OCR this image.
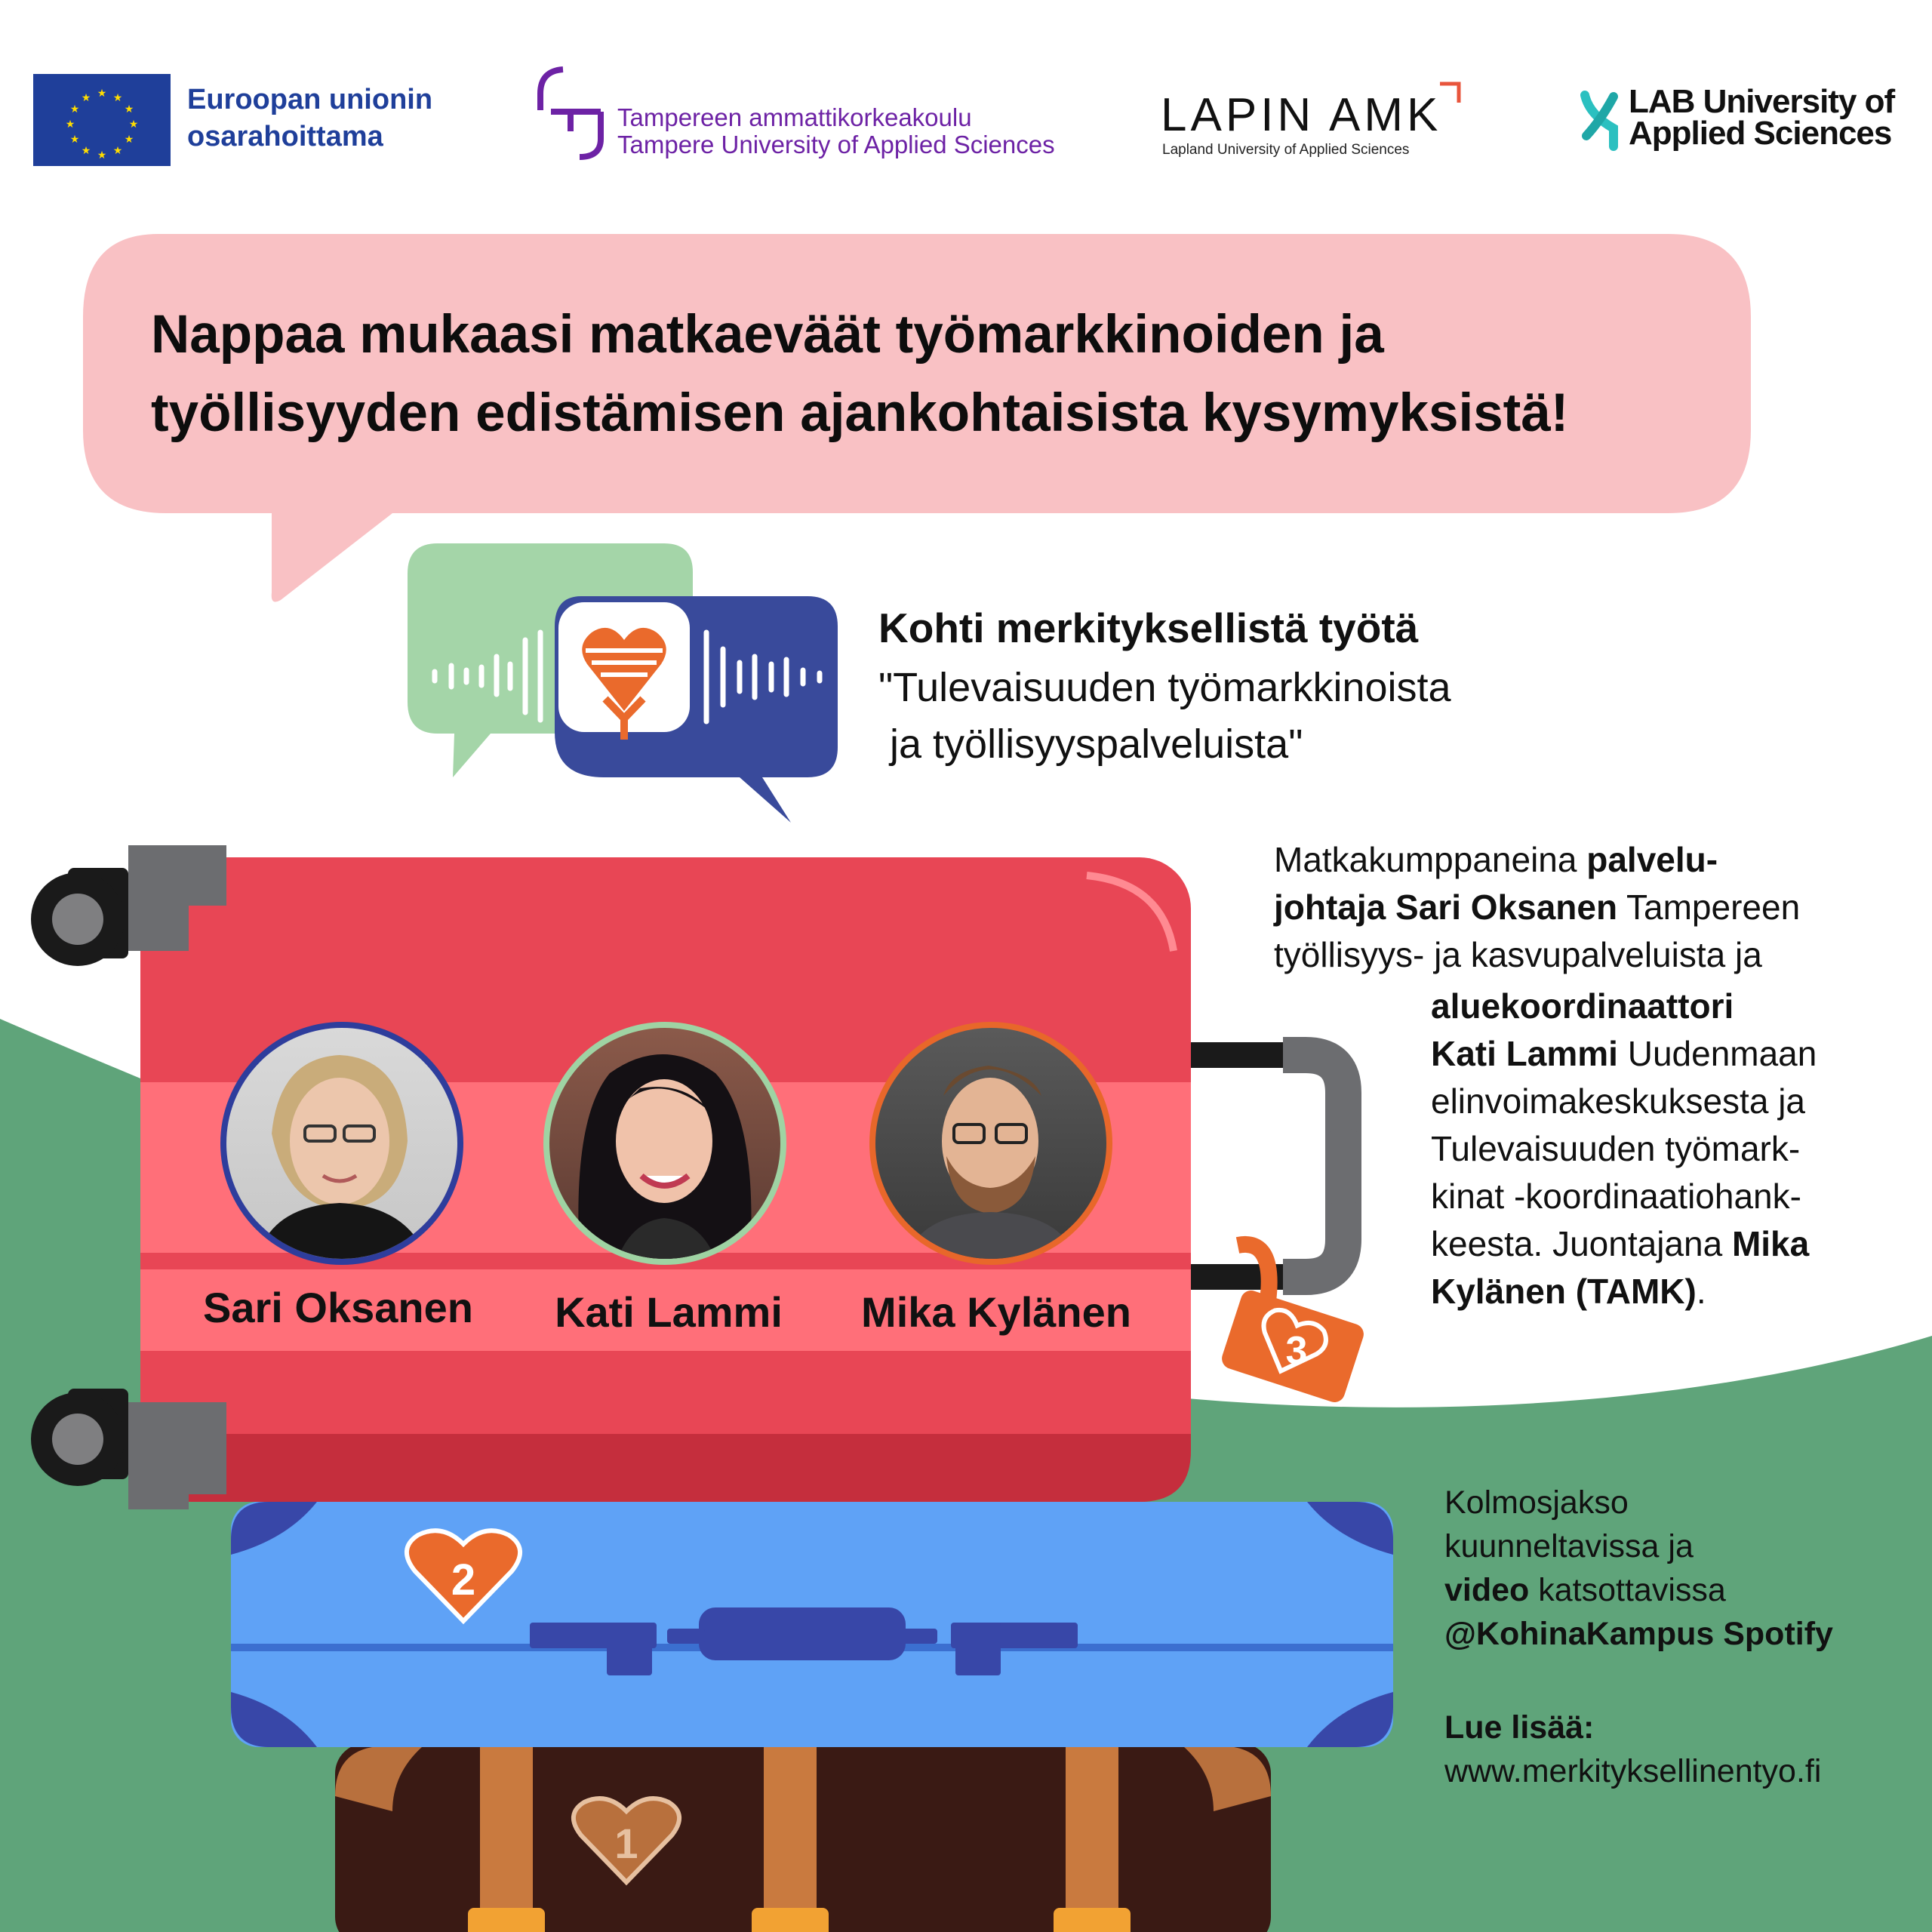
★ ★
★
★
★
★
★
★
★
★
★
★	Euroopan unionin
osarahoittama
Tampereen ammattikorkeakoulu
Tampere University of Applied Sciences
LAPIN AMK
Lapland University of Applied Sciences
LAB University of
Applied Sciences
Nappaa mukaasi matkaeväät työmarkkinoiden ja
työllisyyden edistämisen ajankohtaisista kysymyksistä!
Kohti merkityksellistä työtä
"Tulevaisuuden työmarkkinoista
ja työllisyyspalveluista"
Matkakumppaneina palvelu-
johtaja Sari Oksanen Tampereen
työllisyys- ja kasvupalveluista ja
aluekoordinaattori
Kati Lammi Uudenmaan
elinvoimakeskuksesta ja
Tulevaisuuden työmark-
kinat -koordinaatiohank-
keesta. Juontajana Mika
Kylänen (TAMK).
3
2
1
Sari Oksanen	Kati Lammi	Mika Kylänen
Kolmosjakso
kuunneltavissa ja
video katsottavissa
@KohinaKampus Spotify
Lue lisää:
www.merkityksellinentyo.fi
